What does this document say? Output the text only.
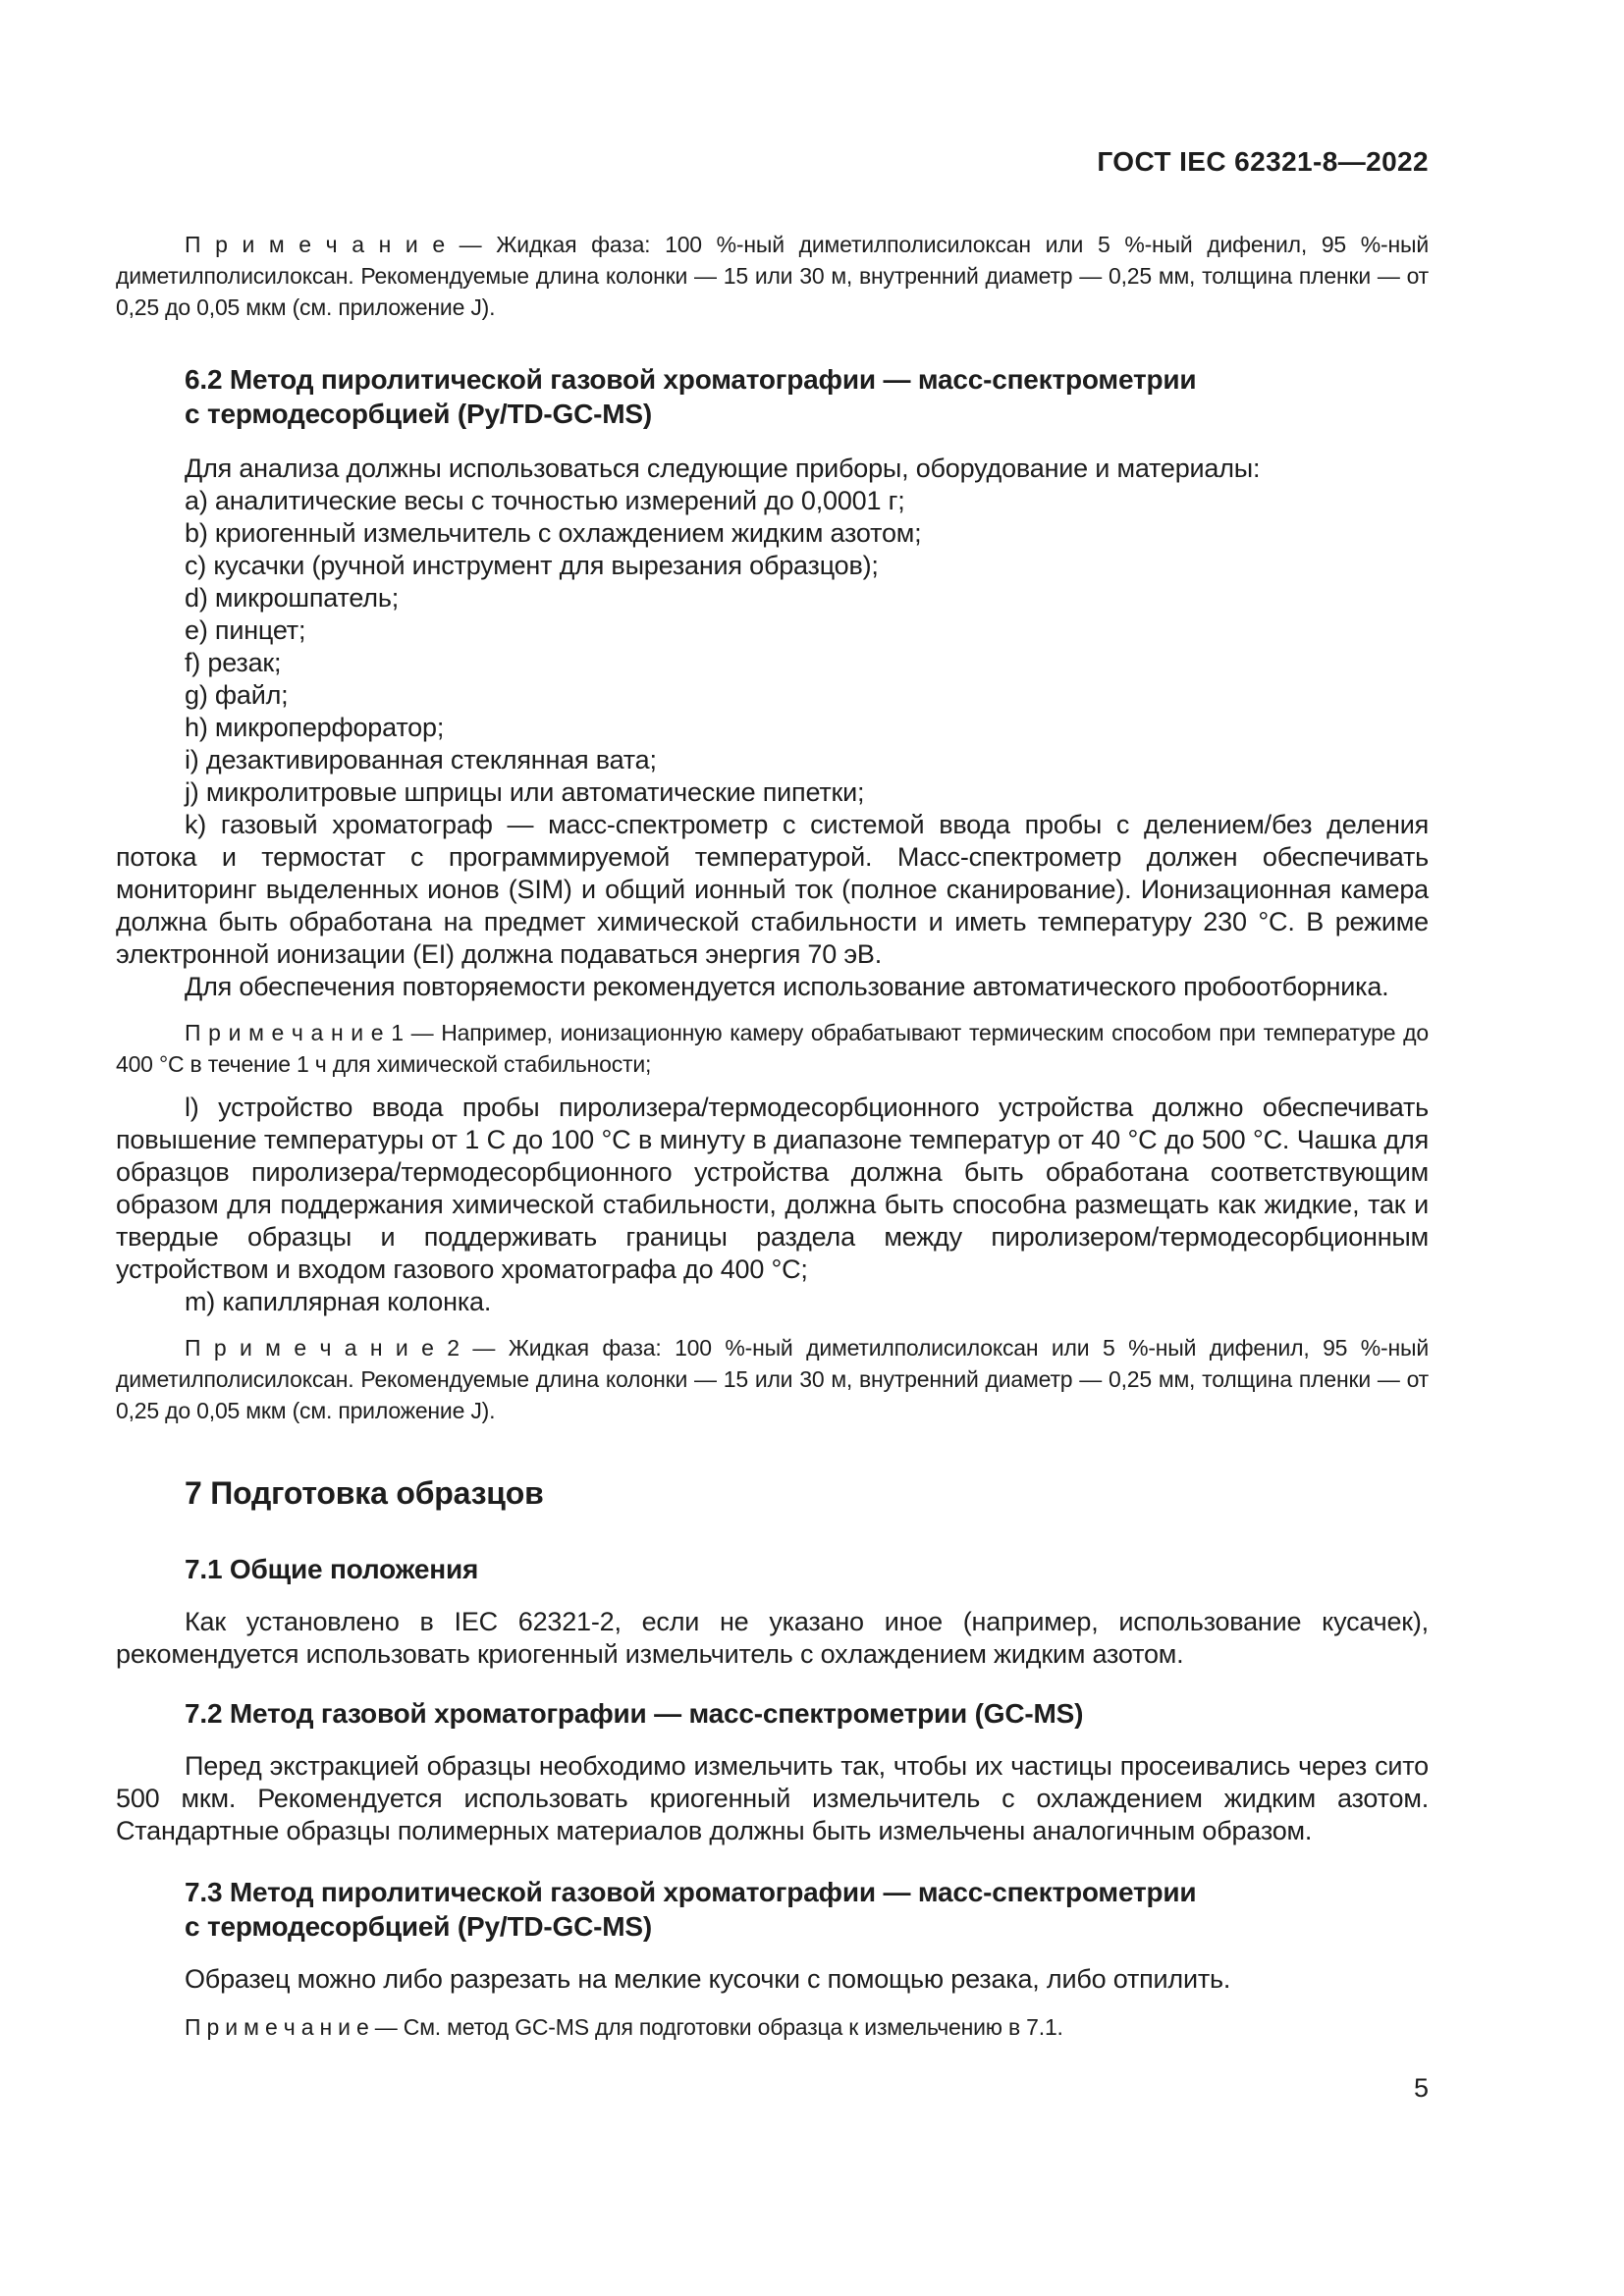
ГОСТ IEC 62321-8—2022
П р и м е ч а н и е — Жидкая фаза: 100 %-ный диметилполисилоксан или 5 %-ный дифенил, 95 %-ный диметилполисилоксан. Рекомендуемые длина колонки — 15 или 30 м, внутренний диаметр — 0,25 мм, толщина пленки — от 0,25 до 0,05 мкм (см. приложение J).
6.2 Метод пиролитической газовой хроматографии — масс-спектрометрии
с термодесорбцией (Py/TD-GC-MS)
Для анализа должны использоваться следующие приборы, оборудование и материалы:
a) аналитические весы с точностью измерений до 0,0001 г;
b) криогенный измельчитель с охлаждением жидким азотом;
c) кусачки (ручной инструмент для вырезания образцов);
d) микрошпатель;
e) пинцет;
f) резак;
g) файл;
h) микроперфоратор;
i) дезактивированная стеклянная вата;
j) микролитровые шприцы или автоматические пипетки;
k) газовый хроматограф — масс-спектрометр с системой ввода пробы с делением/без деления потока и термостат с программируемой температурой. Масс-спектрометр должен обеспечивать мониторинг выделенных ионов (SIM) и общий ионный ток (полное сканирование). Ионизационная камера должна быть обработана на предмет химической стабильности и иметь температуру 230 °С. В режиме электронной ионизации (EI) должна подаваться энергия 70 эВ.
Для обеспечения повторяемости рекомендуется использование автоматического пробоотборника.
П р и м е ч а н и е 1 — Например, ионизационную камеру обрабатывают термическим способом при температуре до 400 °С в течение 1 ч для химической стабильности;
l) устройство ввода пробы пиролизера/термодесорбционного устройства должно обеспечивать повышение температуры от 1 С до 100 °С в минуту в диапазоне температур от 40 °С до 500 °С. Чашка для образцов пиролизера/термодесорбционного устройства должна быть обработана соответствующим образом для поддержания химической стабильности, должна быть способна размещать как жидкие, так и твердые образцы и поддерживать границы раздела между пиролизером/термодесорбционным устройством и входом газового хроматографа до 400 °С;
m) капиллярная колонка.
П р и м е ч а н и е 2 — Жидкая фаза: 100 %-ный диметилполисилоксан или 5 %-ный дифенил, 95 %-ный диметилполисилоксан. Рекомендуемые длина колонки — 15 или 30 м, внутренний диаметр — 0,25 мм, толщина пленки — от 0,25 до 0,05 мкм (см. приложение J).
7 Подготовка образцов
7.1 Общие положения
Как установлено в IEC 62321-2, если не указано иное (например, использование кусачек), рекомендуется использовать криогенный измельчитель с охлаждением жидким азотом.
7.2 Метод газовой хроматографии — масс-спектрометрии (GC-MS)
Перед экстракцией образцы необходимо измельчить так, чтобы их частицы просеивались через сито 500 мкм. Рекомендуется использовать криогенный измельчитель с охлаждением жидким азотом. Стандартные образцы полимерных материалов должны быть измельчены аналогичным образом.
7.3 Метод пиролитической газовой хроматографии — масс-спектрометрии
с термодесорбцией (Py/TD-GC-MS)
Образец можно либо разрезать на мелкие кусочки с помощью резака, либо отпилить.
П р и м е ч а н и е — См. метод GC-MS для подготовки образца к измельчению в 7.1.
5
